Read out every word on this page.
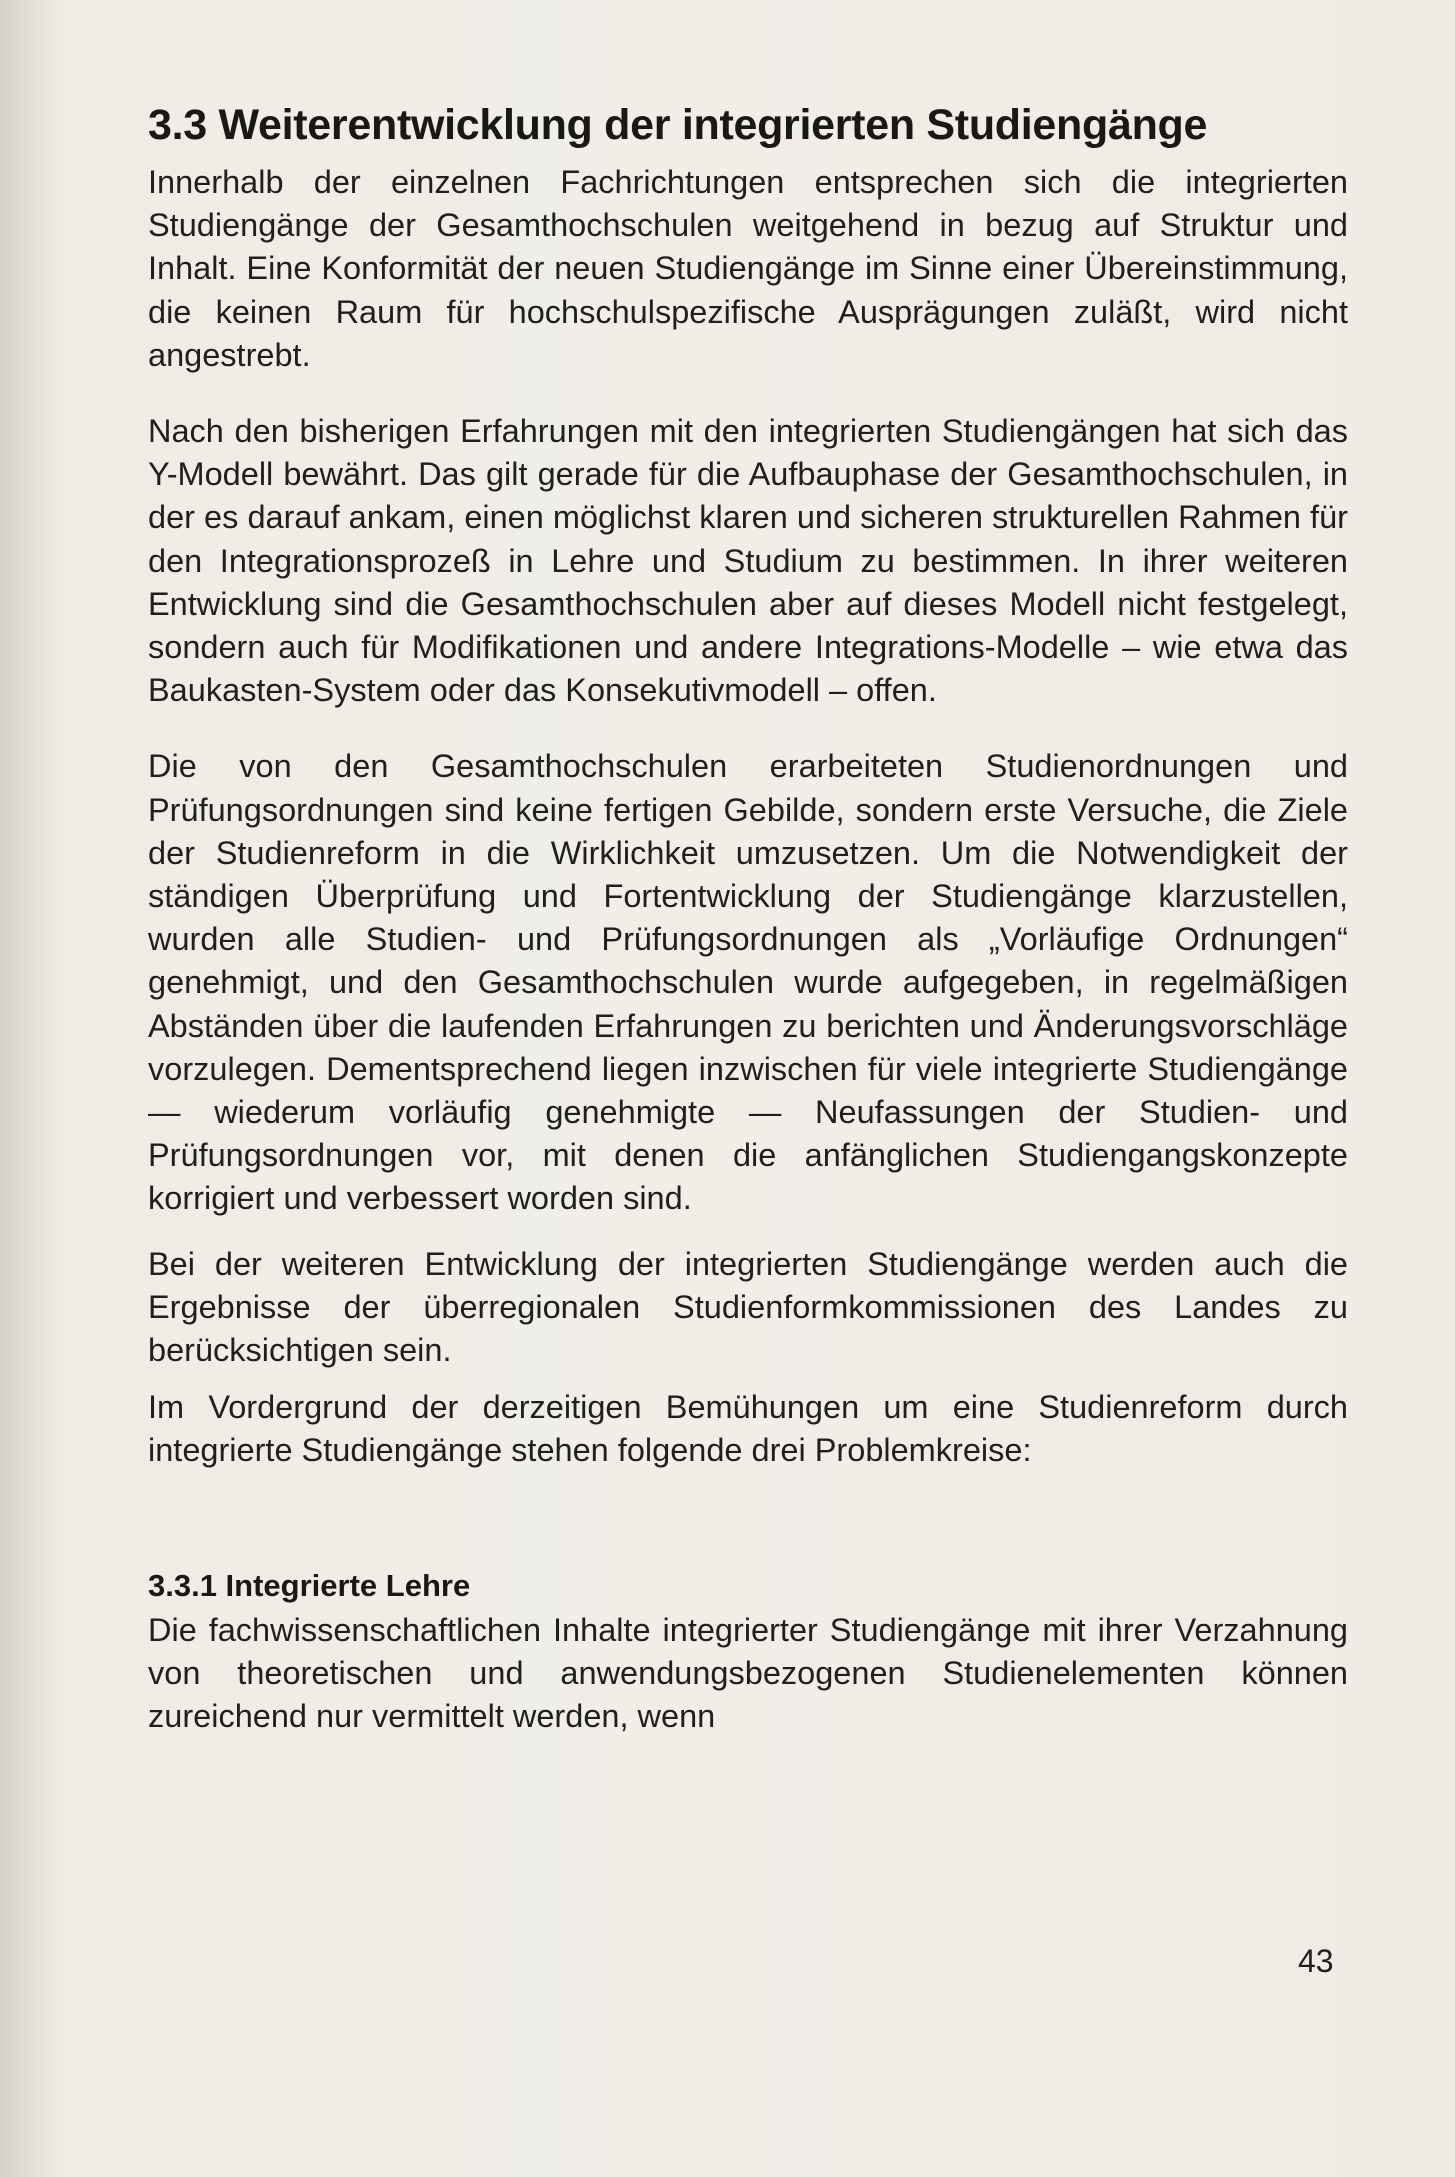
3.3 Weiterentwicklung der integrierten Studiengänge

Innerhalb der einzelnen Fachrichtungen entsprechen sich die integrierten Studiengänge der Gesamthochschulen weitgehend in bezug auf Struktur und Inhalt. Eine Konformität der neuen Studiengänge im Sinne einer Übereinstimmung, die keinen Raum für hochschulspezifische Ausprägungen zuläßt, wird nicht angestrebt.

Nach den bisherigen Erfahrungen mit den integrierten Studiengängen hat sich das Y-Modell bewährt. Das gilt gerade für die Aufbauphase der Gesamthochschulen, in der es darauf ankam, einen möglichst klaren und sicheren strukturellen Rahmen für den Integrationsprozeß in Lehre und Studium zu bestimmen. In ihrer weiteren Entwicklung sind die Gesamthochschulen aber auf dieses Modell nicht festgelegt, sondern auch für Modifikationen und andere Integrations-Modelle – wie etwa das Baukasten-System oder das Konsekutivmodell – offen.

Die von den Gesamthochschulen erarbeiteten Studienordnungen und Prüfungsordnungen sind keine fertigen Gebilde, sondern erste Versuche, die Ziele der Studienreform in die Wirklichkeit umzusetzen. Um die Notwendigkeit der ständigen Überprüfung und Fortentwicklung der Studiengänge klarzustellen, wurden alle Studien- und Prüfungsordnungen als „Vorläufige Ordnungen“ genehmigt, und den Gesamthochschulen wurde aufgegeben, in regelmäßigen Abständen über die laufenden Erfahrungen zu berichten und Änderungsvorschläge vorzulegen. Dementsprechend liegen inzwischen für viele integrierte Studiengänge — wiederum vorläufig genehmigte — Neufassungen der Studien- und Prüfungsordnungen vor, mit denen die anfänglichen Studiengangskonzepte korrigiert und verbessert worden sind.

Bei der weiteren Entwicklung der integrierten Studiengänge werden auch die Ergebnisse der überregionalen Studienformkommissionen des Landes zu berücksichtigen sein.

Im Vordergrund der derzeitigen Bemühungen um eine Studienreform durch integrierte Studiengänge stehen folgende drei Problemkreise:

3.3.1 Integrierte Lehre

Die fachwissenschaftlichen Inhalte integrierter Studiengänge mit ihrer Verzahnung von theoretischen und anwendungsbezogenen Studienelementen können zureichend nur vermittelt werden, wenn

43
